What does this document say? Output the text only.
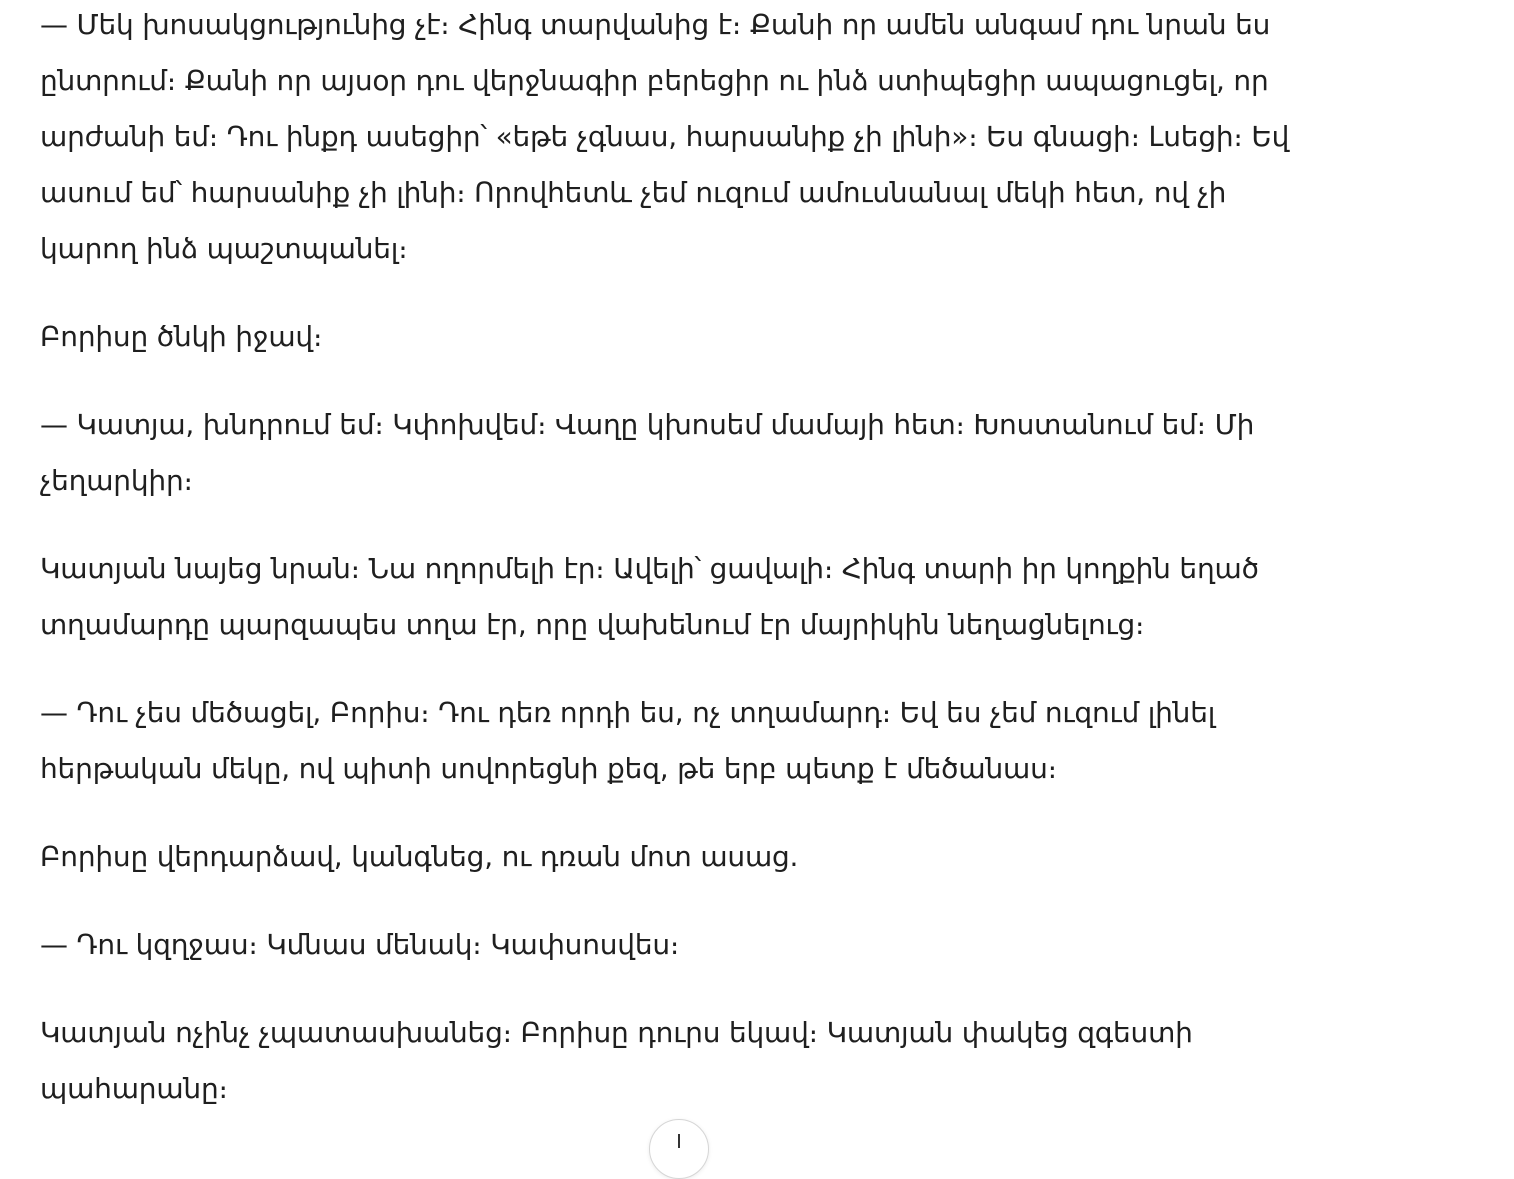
— Մեկ խոսակցությունից չէ։ Հինգ տարվանից է։ Քանի որ ամեն անգամ դու նրան ես ընտրում։ Քանի որ այսօր դու վերջնագիր բերեցիր ու ինձ ստիպեցիր ապացուցել, որ արժանի եմ։ Դու ինքդ ասեցիր՝ «եթե չգնաս, հարսանիք չի լինի»։ Ես գնացի։ Լսեցի։ Եվ ասում եմ՝ հարսանիք չի լինի։ Որովհետև չեմ ուզում ամուսնանալ մեկի հետ, ով չի կարող ինձ պաշտպանել։

Բորիսը ծնկի իջավ։

— Կատյա, խնդրում եմ։ Կփոխվեմ։ Վաղը կխոսեմ մամայի հետ։ Խոստանում եմ։ Մի չեղարկիր։

Կատյան նայեց նրան։ Նա ողորմելի էր։ Ավելի՝ ցավալի։ Հինգ տարի իր կողքին եղած տղամարդը պարզապես տղա էր, որը վախենում էր մայրիկին նեղացնելուց։

— Դու չես մեծացել, Բորիս։ Դու դեռ որդի ես, ոչ տղամարդ։ Եվ ես չեմ ուզում լինել հերթական մեկը, ով պիտի սովորեցնի քեզ, թե երբ պետք է մեծանաս։

Բորիսը վերդարձավ, կանգնեց, ու դռան մոտ ասաց.

— Դու կզղջաս։ Կմնաս մենակ։ Կափսոսվես։

Կատյան ոչինչ չպատասխանեց։ Բորիսը դուրս եկավ։ Կատյան փակեց զգեստի պահարանը։
